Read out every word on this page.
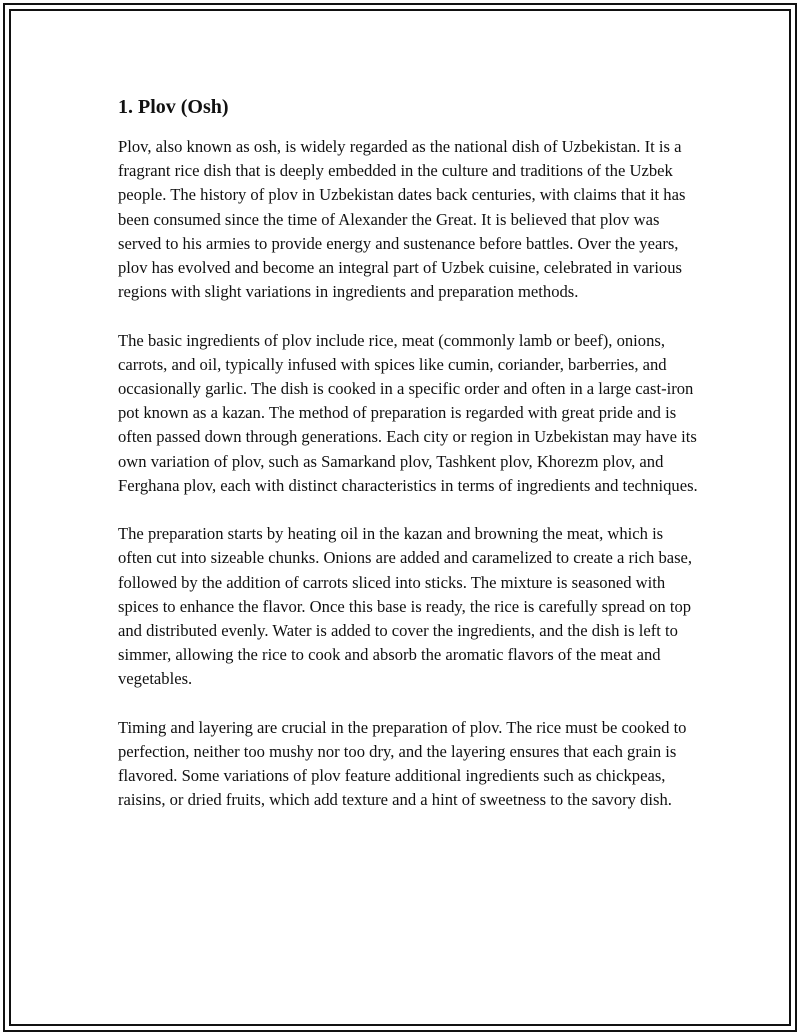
1. Plov (Osh)

Plov, also known as osh, is widely regarded as the national dish of Uzbekistan. It is a fragrant rice dish that is deeply embedded in the culture and traditions of the Uzbek people. The history of plov in Uzbekistan dates back centuries, with claims that it has been consumed since the time of Alexander the Great. It is believed that plov was served to his armies to provide energy and sustenance before battles. Over the years, plov has evolved and become an integral part of Uzbek cuisine, celebrated in various regions with slight variations in ingredients and preparation methods.

The basic ingredients of plov include rice, meat (commonly lamb or beef), onions, carrots, and oil, typically infused with spices like cumin, coriander, barberries, and occasionally garlic. The dish is cooked in a specific order and often in a large cast-iron pot known as a kazan. The method of preparation is regarded with great pride and is often passed down through generations. Each city or region in Uzbekistan may have its own variation of plov, such as Samarkand plov, Tashkent plov, Khorezm plov, and Ferghana plov, each with distinct characteristics in terms of ingredients and techniques.

The preparation starts by heating oil in the kazan and browning the meat, which is often cut into sizeable chunks. Onions are added and caramelized to create a rich base, followed by the addition of carrots sliced into sticks. The mixture is seasoned with spices to enhance the flavor. Once this base is ready, the rice is carefully spread on top and distributed evenly. Water is added to cover the ingredients, and the dish is left to simmer, allowing the rice to cook and absorb the aromatic flavors of the meat and vegetables.

Timing and layering are crucial in the preparation of plov. The rice must be cooked to perfection, neither too mushy nor too dry, and the layering ensures that each grain is flavored. Some variations of plov feature additional ingredients such as chickpeas, raisins, or dried fruits, which add texture and a hint of sweetness to the savory dish.
